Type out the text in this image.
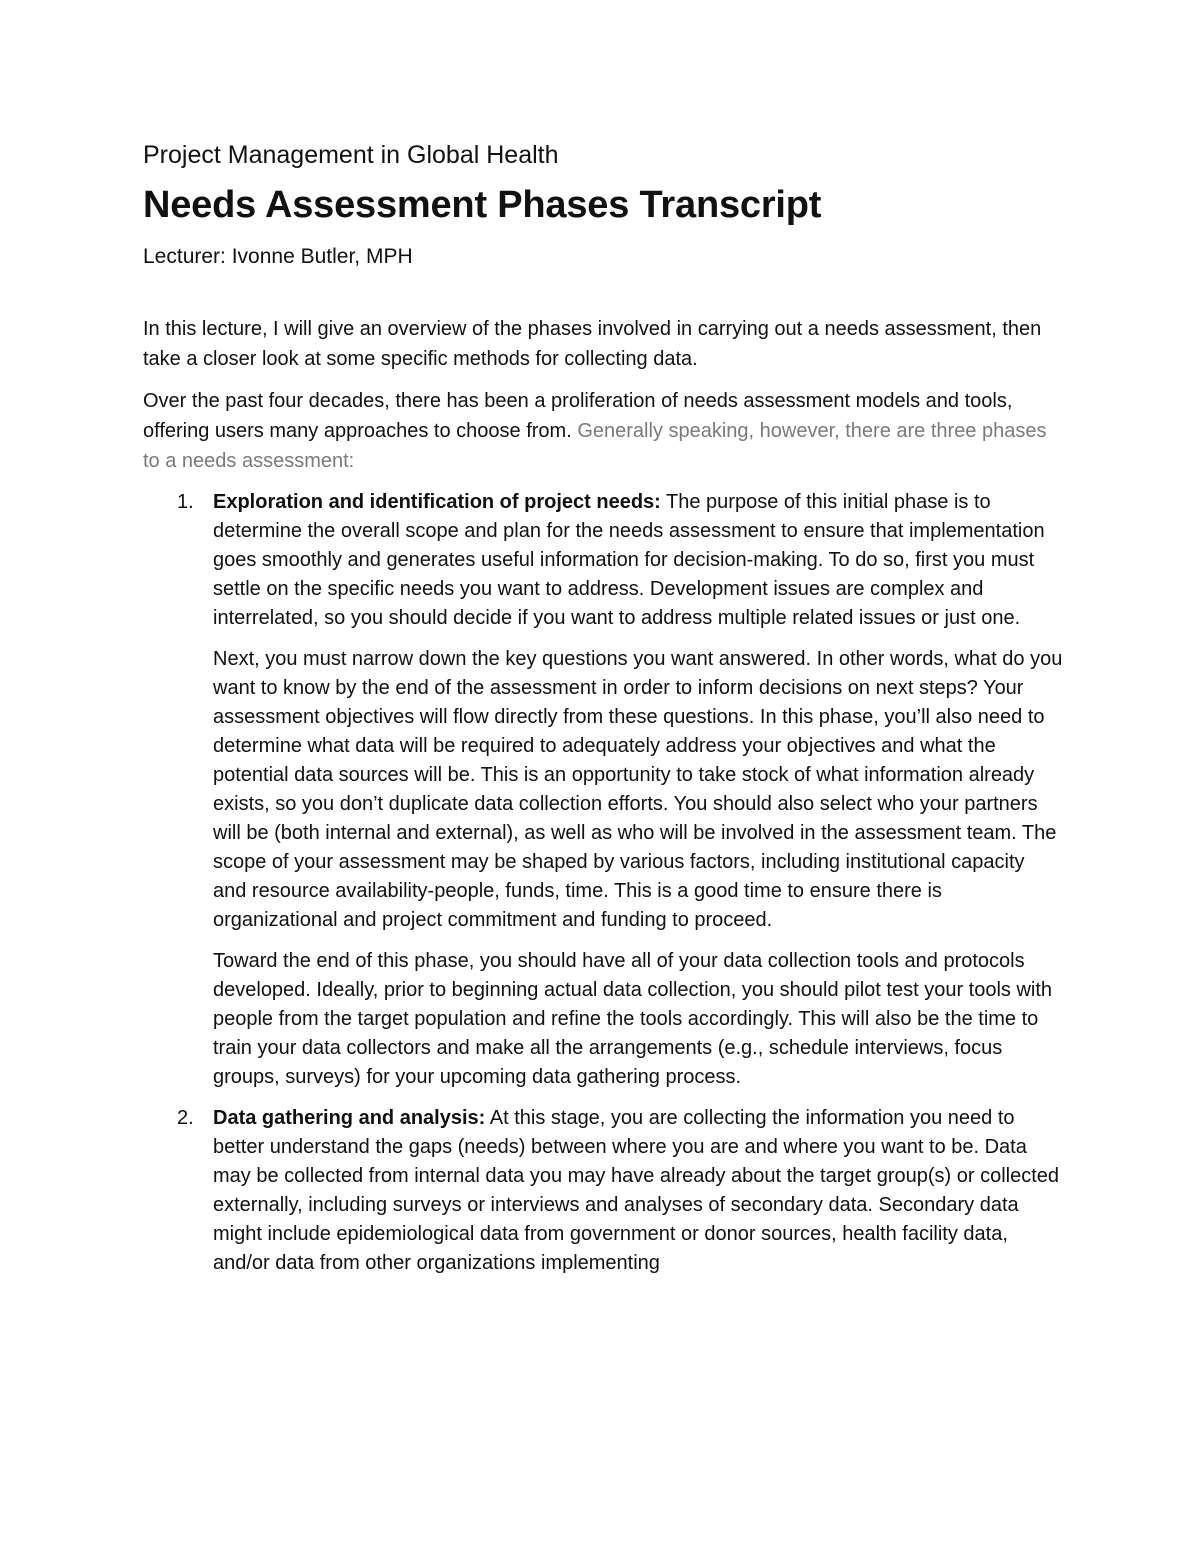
Project Management in Global Health
Needs Assessment Phases Transcript
Lecturer: Ivonne Butler, MPH

In this lecture, I will give an overview of the phases involved in carrying out a needs assessment, then take a closer look at some specific methods for collecting data.

Over the past four decades, there has been a proliferation of needs assessment models and tools, offering users many approaches to choose from. Generally speaking, however, there are three phases to a needs assessment:

1. Exploration and identification of project needs: The purpose of this initial phase is to determine the overall scope and plan for the needs assessment to ensure that implementation goes smoothly and generates useful information for decision-making. To do so, first you must settle on the specific needs you want to address. Development issues are complex and interrelated, so you should decide if you want to address multiple related issues or just one.

Next, you must narrow down the key questions you want answered. In other words, what do you want to know by the end of the assessment in order to inform decisions on next steps? Your assessment objectives will flow directly from these questions. In this phase, you’ll also need to determine what data will be required to adequately address your objectives and what the potential data sources will be. This is an opportunity to take stock of what information already exists, so you don’t duplicate data collection efforts. You should also select who your partners will be (both internal and external), as well as who will be involved in the assessment team. The scope of your assessment may be shaped by various factors, including institutional capacity and resource availability-people, funds, time. This is a good time to ensure there is organizational and project commitment and funding to proceed.

Toward the end of this phase, you should have all of your data collection tools and protocols developed. Ideally, prior to beginning actual data collection, you should pilot test your tools with people from the target population and refine the tools accordingly. This will also be the time to train your data collectors and make all the arrangements (e.g., schedule interviews, focus groups, surveys) for your upcoming data gathering process.

2. Data gathering and analysis: At this stage, you are collecting the information you need to better understand the gaps (needs) between where you are and where you want to be. Data may be collected from internal data you may have already about the target group(s) or collected externally, including surveys or interviews and analyses of secondary data. Secondary data might include epidemiological data from government or donor sources, health facility data, and/or data from other organizations implementing
